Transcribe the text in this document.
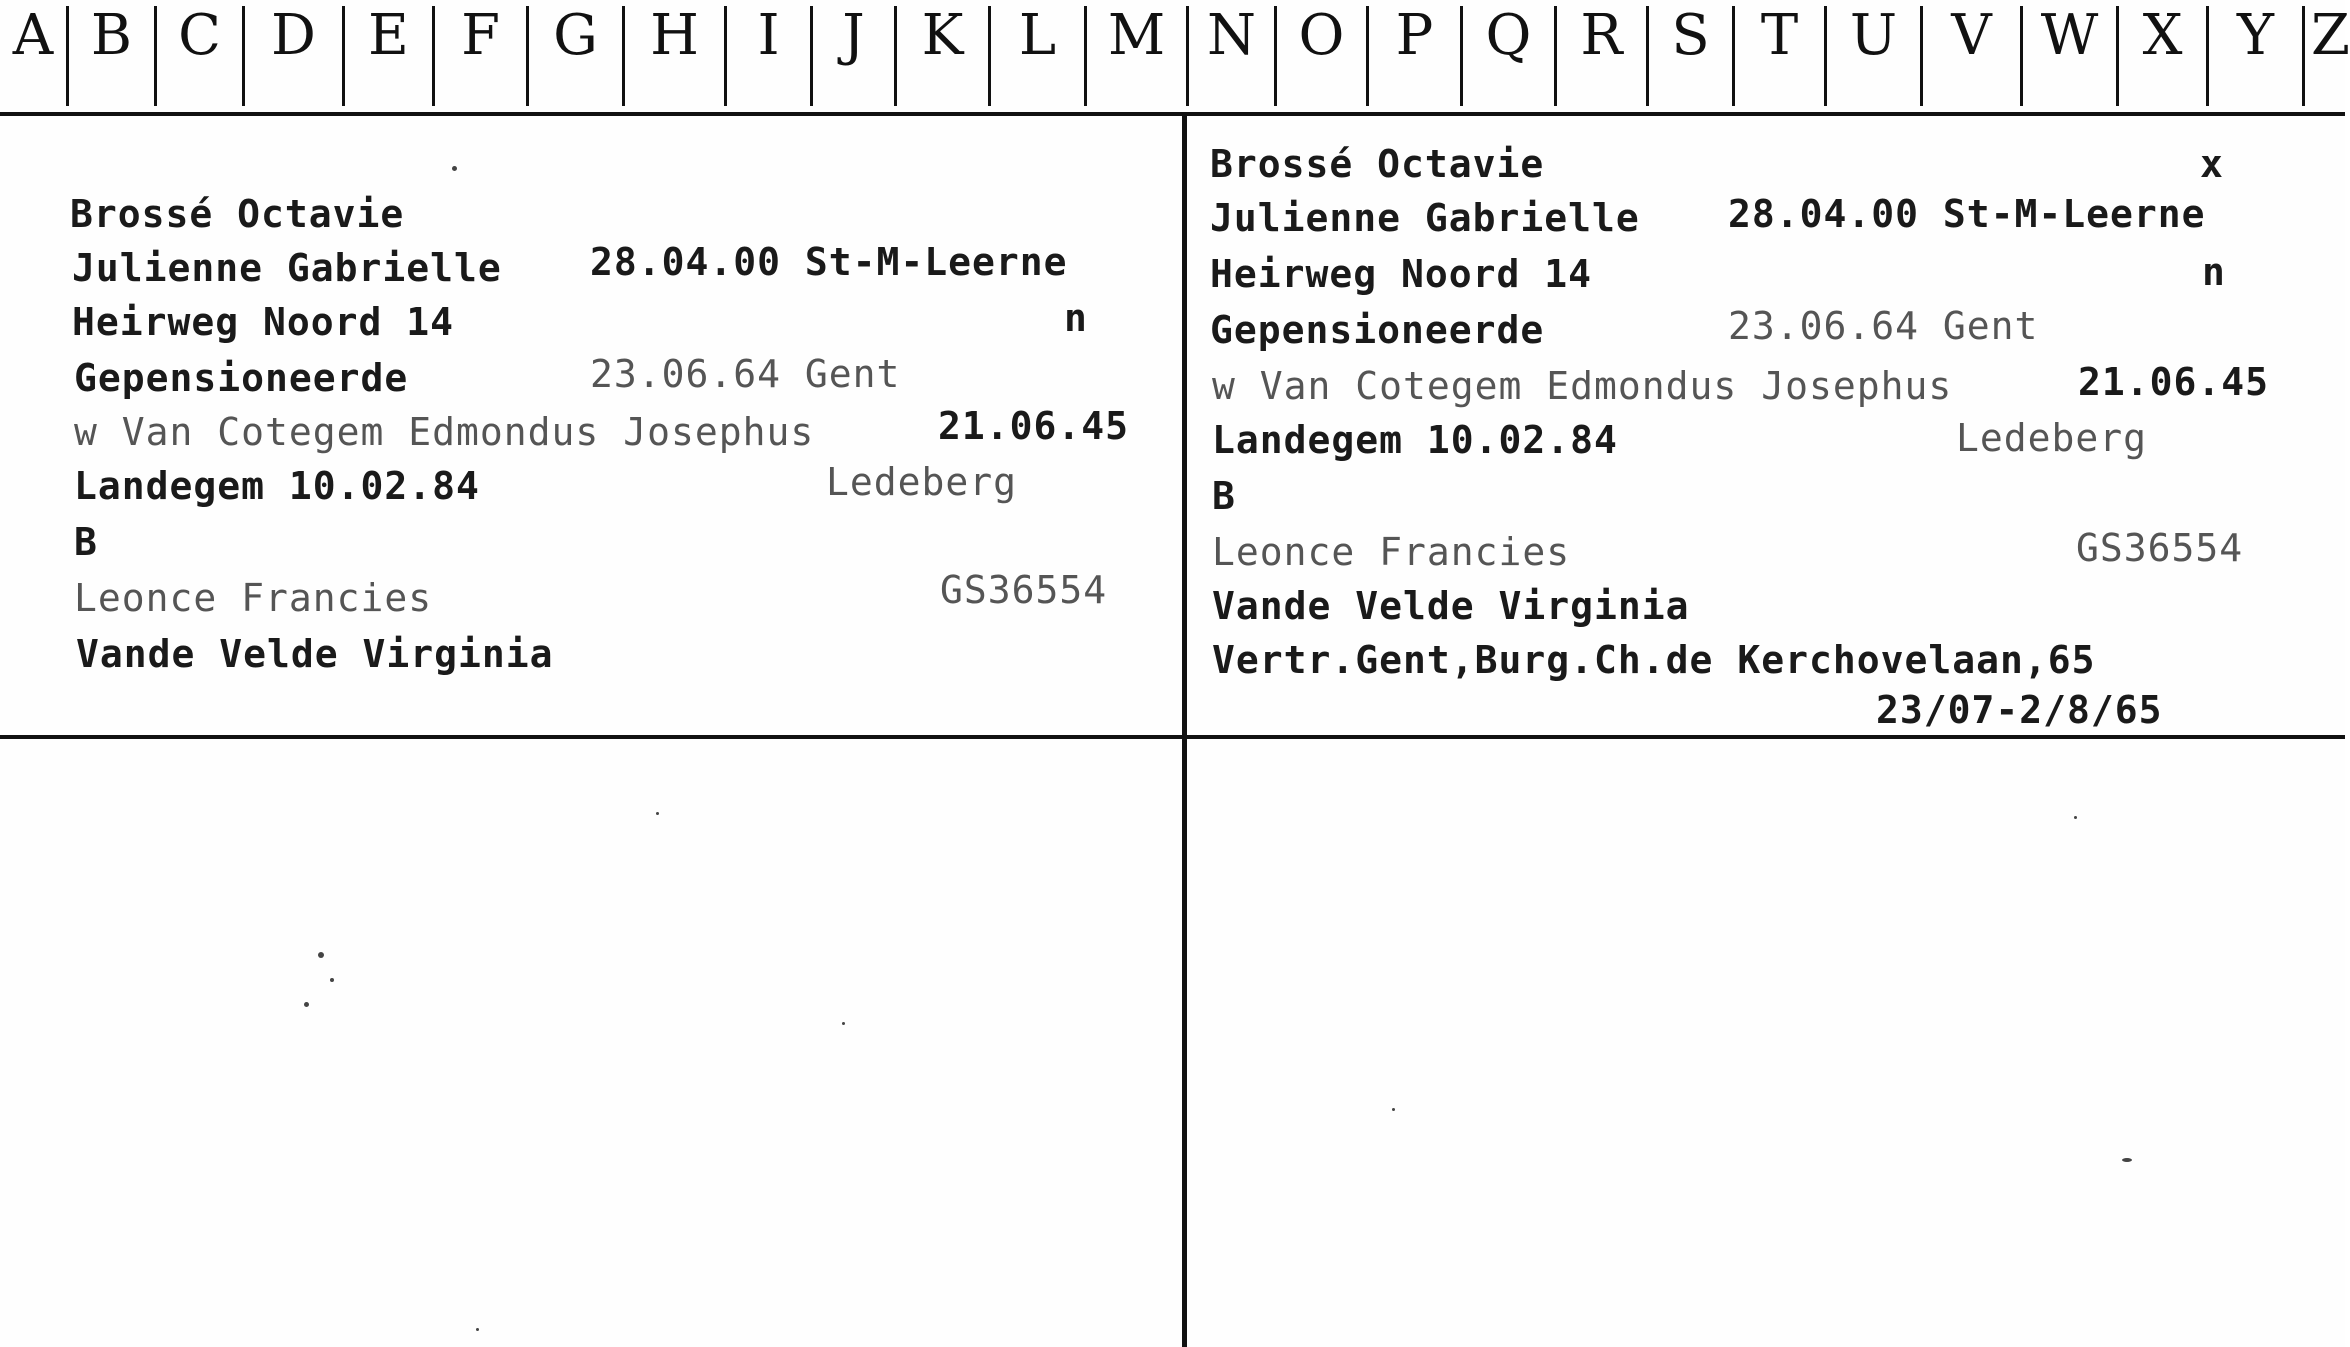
A B C D E F G H	I	J	K L M N O P Q R S T U V W X Y Z
Brossé Octavie
Julienne Gabrielle 28.04.00 St-M-Leerne
Heirweg Noord 14	n
Gepensioneerde	23.06.64 Gent
w Van Cotegem Edmondus Josephus	21.06.45
Landegem 10.02.84	Ledeberg
B
Leonce Francies	GS36554
Vande Velde Virginia
Brossé Octavie	x
Julienne Gabrielle 28.04.00 St-M-Leerne
Heirweg Noord 14	n
Gepensioneerde	23.06.64 Gent
w Van Cotegem Edmondus Josephus	21.06.45
Landegem 10.02.84	Ledeberg
B
Leonce Francies	GS36554
Vande Velde Virginia
Vertr.Gent,Burg.Ch.de Kerchovelaan,65
23/07-2/8/65
